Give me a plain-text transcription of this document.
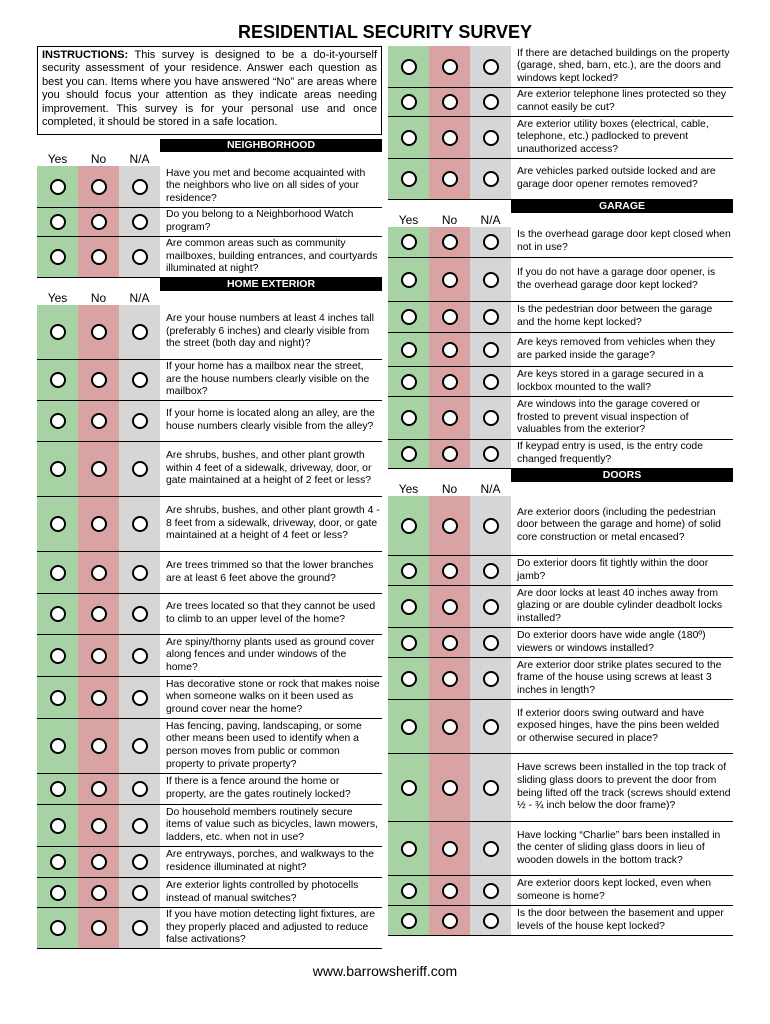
RESIDENTIAL SECURITY SURVEY
INSTRUCTIONS: This survey is designed to be a do-it-yourself security assessment of your residence. Answer each question as best you can. Items where you have answered “No” are areas where you should focus your attention as they indicate areas needing improvement. This survey is for your personal use and once completed, it should be stored in a safe location.
NEIGHBORHOOD
Yes	No	N/A
Have you met and become acquainted with the neighbors who live on all sides of your residence?
Do you belong to a Neighborhood Watch program?
Are common areas such as community mailboxes, building entrances, and courtyards illuminated at night?
HOME EXTERIOR
Yes	No	N/A
Are your house numbers at least 4 inches tall (preferably 6 inches) and clearly visible from the street (both day and night)?
If your home has a mailbox near the street, are the house numbers clearly visible on the mailbox?
If your home is located along an alley, are the house numbers clearly visible from the alley?
Are shrubs, bushes, and other plant growth within 4 feet of a sidewalk, driveway, door, or gate maintained at a height of 2 feet or less?
Are shrubs, bushes, and other plant growth 4 - 8 feet from a sidewalk, driveway, door, or gate maintained at a height of 4 feet or less?
Are trees trimmed so that the lower branches are at least 6 feet above the ground?
Are trees located so that they cannot be used to climb to an upper level of the home?
Are spiny/thorny plants used as ground cover along fences and under windows of the home?
Has decorative stone or rock that makes noise when someone walks on it been used as ground cover near the home?
Has fencing, paving, landscaping, or some other means been used to identify when a person moves from public or common property to private property?
If there is a fence around the home or property, are the gates routinely locked?
Do household members routinely secure items of value such as bicycles, lawn mowers, ladders, etc. when not in use?
Are entryways, porches, and walkways to the residence illuminated at night?
Are exterior lights controlled by photocells instead of manual switches?
If you have motion detecting light fixtures, are they properly placed and adjusted to reduce false activations?
If there are detached buildings on the property (garage, shed, barn, etc.), are the doors and windows kept locked?
Are exterior telephone lines protected so they cannot easily be cut?
Are exterior utility boxes (electrical, cable, telephone, etc.) padlocked to prevent unauthorized access?
Are vehicles parked outside locked and are garage door opener remotes removed?
GARAGE
Yes	No	N/A
Is the overhead garage door kept closed when not in use?
If you do not have a garage door opener, is the overhead garage door kept locked?
Is the pedestrian door between the garage and the home kept locked?
Are keys removed from vehicles when they are parked inside the garage?
Are keys stored in a garage secured in a lockbox mounted to the wall?
Are windows into the garage covered or frosted to prevent visual inspection of valuables from the exterior?
If keypad entry is used, is the entry code changed frequently?
DOORS
Yes	No	N/A
Are exterior doors (including the pedestrian door between the garage and home) of solid core construction or metal encased?
Do exterior doors fit tightly within the door jamb?
Are door locks at least 40 inches away from glazing or are double cylinder deadbolt locks installed?
Do exterior doors have wide angle (180º) viewers or windows installed?
Are exterior door strike plates secured to the frame of the house using screws at least 3 inches in length?
If exterior doors swing outward and have exposed hinges, have the pins been welded or otherwise secured in place?
Have screws been installed in the top track of sliding glass doors to prevent the door from being lifted off the track (screws should extend ½ - ¾ inch below the door frame)?
Have locking “Charlie” bars been installed in the center of sliding glass doors in lieu of wooden dowels in the bottom track?
Are exterior doors kept locked, even when someone is home?
Is the door between the basement and upper levels of the house kept locked?
www.barrowsheriff.com
